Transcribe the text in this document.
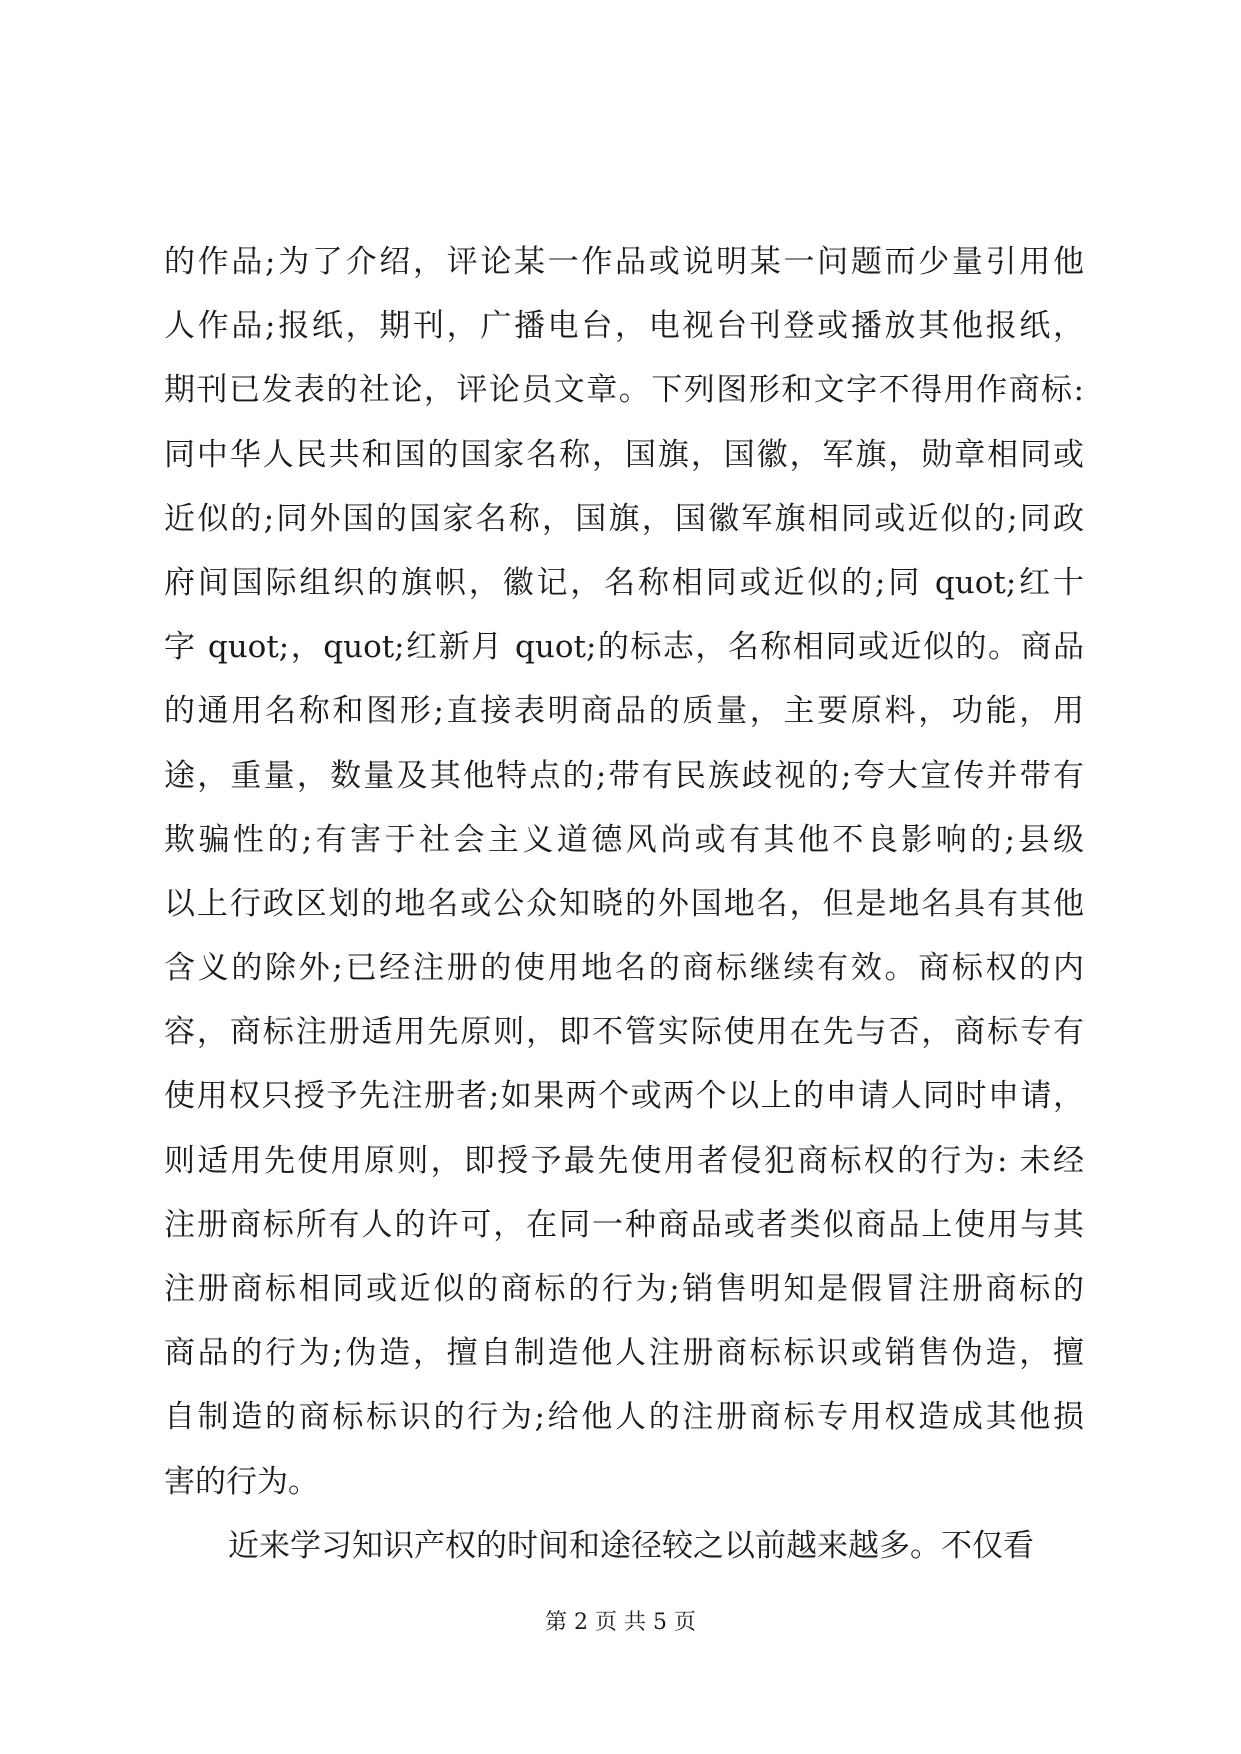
的作品;为了介绍，评论某一作品或说明某一问题而少量引用他
人作品;报纸，期刊，广播电台，电视台刊登或播放其他报纸，
期刊已发表的社论，评论员文章。下列图形和文字不得用作商标:
同中华人民共和国的国家名称，国旗，国徽，军旗，勋章相同或
近似的;同外国的国家名称，国旗，国徽军旗相同或近似的;同政
府间国际组织的旗帜，徽记，名称相同或近似的;同 quot;红十
字 quot;，quot;红新月 quot;的标志，名称相同或近似的。商品
的通用名称和图形;直接表明商品的质量，主要原料，功能，用
途，重量，数量及其他特点的;带有民族歧视的;夸大宣传并带有
欺骗性的;有害于社会主义道德风尚或有其他不良影响的;县级
以上行政区划的地名或公众知晓的外国地名，但是地名具有其他
含义的除外;已经注册的使用地名的商标继续有效。商标权的内
容，商标注册适用先原则，即不管实际使用在先与否，商标专有
使用权只授予先注册者;如果两个或两个以上的申请人同时申请，
则适用先使用原则，即授予最先使用者侵犯商标权的行为: 未经
注册商标所有人的许可，在同一种商品或者类似商品上使用与其
注册商标相同或近似的商标的行为;销售明知是假冒注册商标的
商品的行为;伪造，擅自制造他人注册商标标识或销售伪造，擅
自制造的商标标识的行为;给他人的注册商标专用权造成其他损
害的行为。
近来学习知识产权的时间和途径较之以前越来越多。不仅看
第 2 页 共 5 页
